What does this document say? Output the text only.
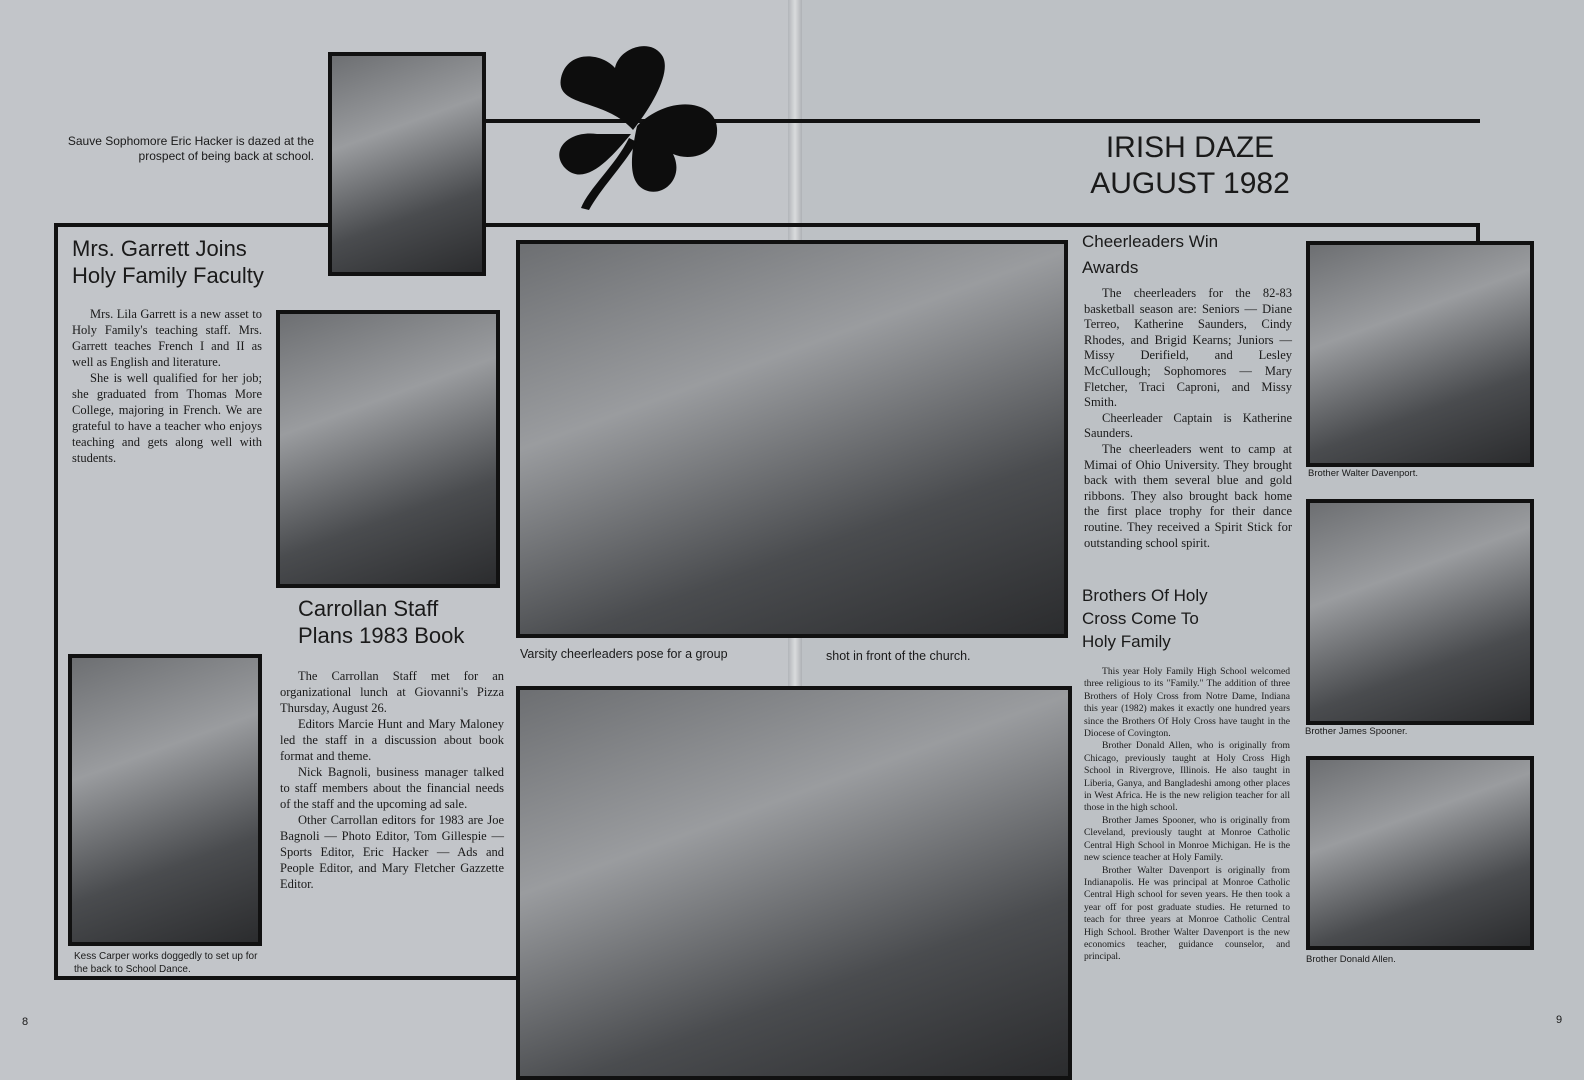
IRISH DAZE
AUGUST 1982

Sauve Sophomore Eric Hacker is dazed at the prospect of being back at school.

Mrs. Garrett Joins
Holy Family Faculty

Mrs. Lila Garrett is a new asset to Holy Family's teaching staff. Mrs. Garrett teaches French I and II as well as English and literature.

She is well qualified for her job; she graduated from Thomas More College, majoring in French. We are grateful to have a teacher who enjoys teaching and gets along well with students.

Carrollan Staff
Plans 1983 Book

The Carrollan Staff met for an organizational lunch at Giovanni's Pizza Thursday, August 26.

Editors Marcie Hunt and Mary Maloney led the staff in a discussion about book format and theme.

Nick Bagnoli, business manager talked to staff members about the financial needs of the staff and the upcoming ad sale.

Other Carrollan editors for 1983 are Joe Bagnoli — Photo Editor, Tom Gillespie — Sports Editor, Eric Hacker — Ads and People Editor, and Mary Fletcher Gazzette Editor.

Kess Carper works doggedly to set up for the back to School Dance.

Varsity cheerleaders pose for a group	shot in front of the church.

Cheerleaders Win
Awards

The cheerleaders for the 82-83 basketball season are: Seniors — Diane Terreo, Katherine Saunders, Cindy Rhodes, and Brigid Kearns; Juniors — Missy Derifield, and Lesley McCullough; Sophomores — Mary Fletcher, Traci Caproni, and Missy Smith.

Cheerleader Captain is Katherine Saunders.

The cheerleaders went to camp at Mimai of Ohio University. They brought back with them several blue and gold ribbons. They also brought back home the first place trophy for their dance routine. They received a Spirit Stick for outstanding school spirit.

Brothers Of Holy
Cross Come To
Holy Family

This year Holy Family High School welcomed three religious to its "Family." The addition of three Brothers of Holy Cross from Notre Dame, Indiana this year (1982) makes it exactly one hundred years since the Brothers Of Holy Cross have taught in the Diocese of Covington.

Brother Donald Allen, who is originally from Chicago, previously taught at Holy Cross High School in Rivergrove, Illinois. He also taught in Liberia, Ganya, and Bangladeshi among other places in West Africa. He is the new religion teacher for all those in the high school.

Brother James Spooner, who is originally from Cleveland, previously taught at Monroe Catholic Central High School in Monroe Michigan. He is the new science teacher at Holy Family.

Brother Walter Davenport is originally from Indianapolis. He was principal at Monroe Catholic Central High school for seven years. He then took a year off for post graduate studies. He returned to teach for three years at Monroe Catholic Central High School. Brother Walter Davenport is the new economics teacher, guidance counselor, and principal.

Brother Walter Davenport.

Brother James Spooner.

Brother Donald Allen.

8	9
